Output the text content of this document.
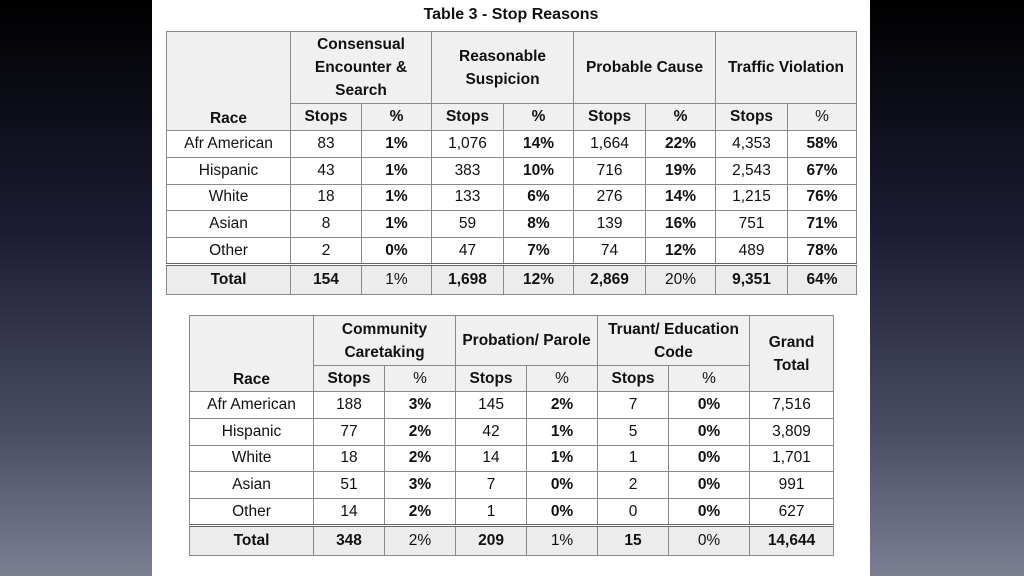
Table 3 - Stop Reasons
Race	Consensual Encounter & Search		Reasonable Suspicion		Probable Cause		Traffic Violation	
	Stops	%	Stops	%	Stops	%	Stops	%
Afr American	83	1%	1,076	14%	1,664	22%	4,353	58%
Hispanic	43	1%	383	10%	716	19%	2,543	67%
White	18	1%	133	6%	276	14%	1,215	76%
Asian	8	1%	59	8%	139	16%	751	71%
Other	2	0%	47	7%	74	12%	489	78%
Total	154	1%	1,698	12%	2,869	20%	9,351	64%
Race	Community Caretaking		Probation/ Parole		Truant/ Education Code		Grand Total
	Stops	%	Stops	%	Stops	%	
Afr American	188	3%	145	2%	7	0%	7,516
Hispanic	77	2%	42	1%	5	0%	3,809
White	18	2%	14	1%	1	0%	1,701
Asian	51	3%	7	0%	2	0%	991
Other	14	2%	1	0%	0	0%	627
Total	348	2%	209	1%	15	0%	14,644
